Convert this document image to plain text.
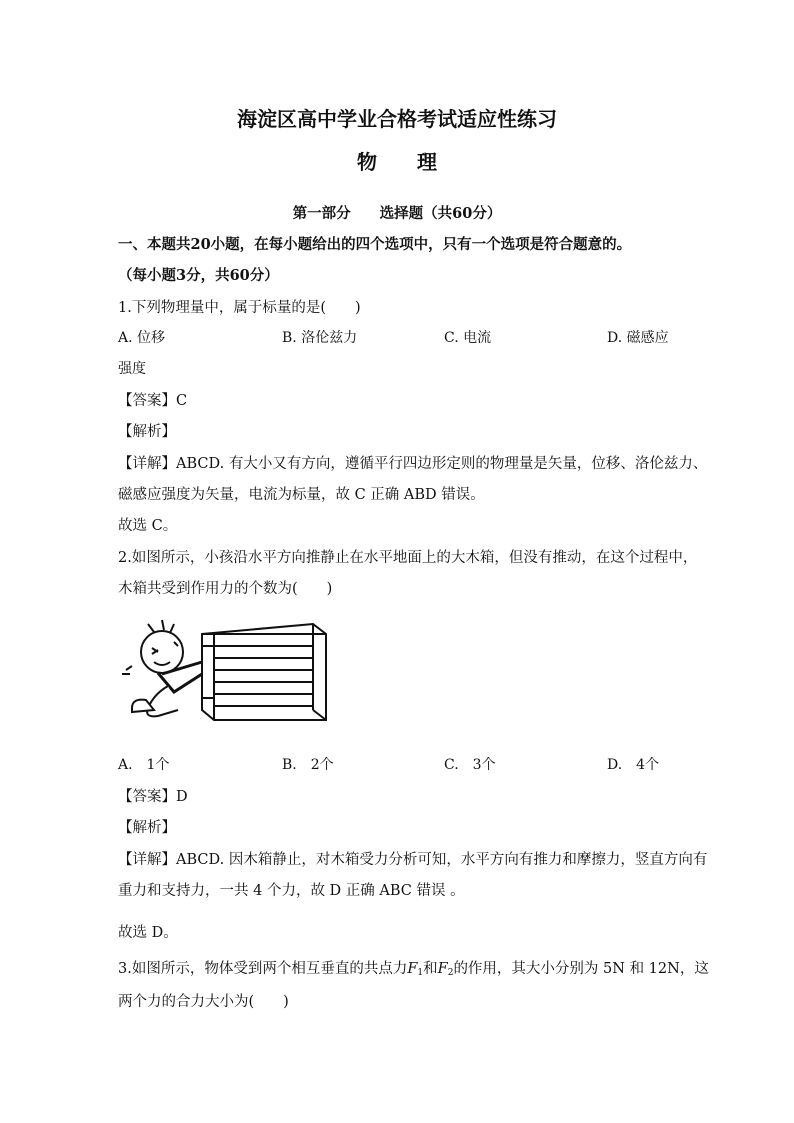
海淀区高中学业合格考试适应性练习
物　　理
第一部分　　选择题（共60分）
一、本题共20小题，在每小题给出的四个选项中，只有一个选项是符合题意的。
（每小题3分，共60分）
1.下列物理量中，属于标量的是(　　)
A. 位移	B. 洛伦兹力	C. 电流	D. 磁感应
强度
【答案】C
【解析】
【详解】ABCD. 有大小又有方向，遵循平行四边形定则的物理量是矢量，位移、洛伦兹力、
磁感应强度为矢量，电流为标量，故 C 正确 ABD 错误。
故选 C。
2.如图所示，小孩沿水平方向推静止在水平地面上的大木箱，但没有推动，在这个过程中，
木箱共受到作用力的个数为(　　)
A.　1个	B.　2个	C.　3个	D.　4个
【答案】D
【解析】
【详解】ABCD. 因木箱静止，对木箱受力分析可知，水平方向有推力和摩擦力，竖直方向有
重力和支持力，一共 4 个力，故 D 正确 ABC 错误 。
故选 D。
3.如图所示，物体受到两个相互垂直的共点力$F_1$和$F_2$的作用，其大小分别为 5N 和 12N，这
两个力的合力大小为(　　)
